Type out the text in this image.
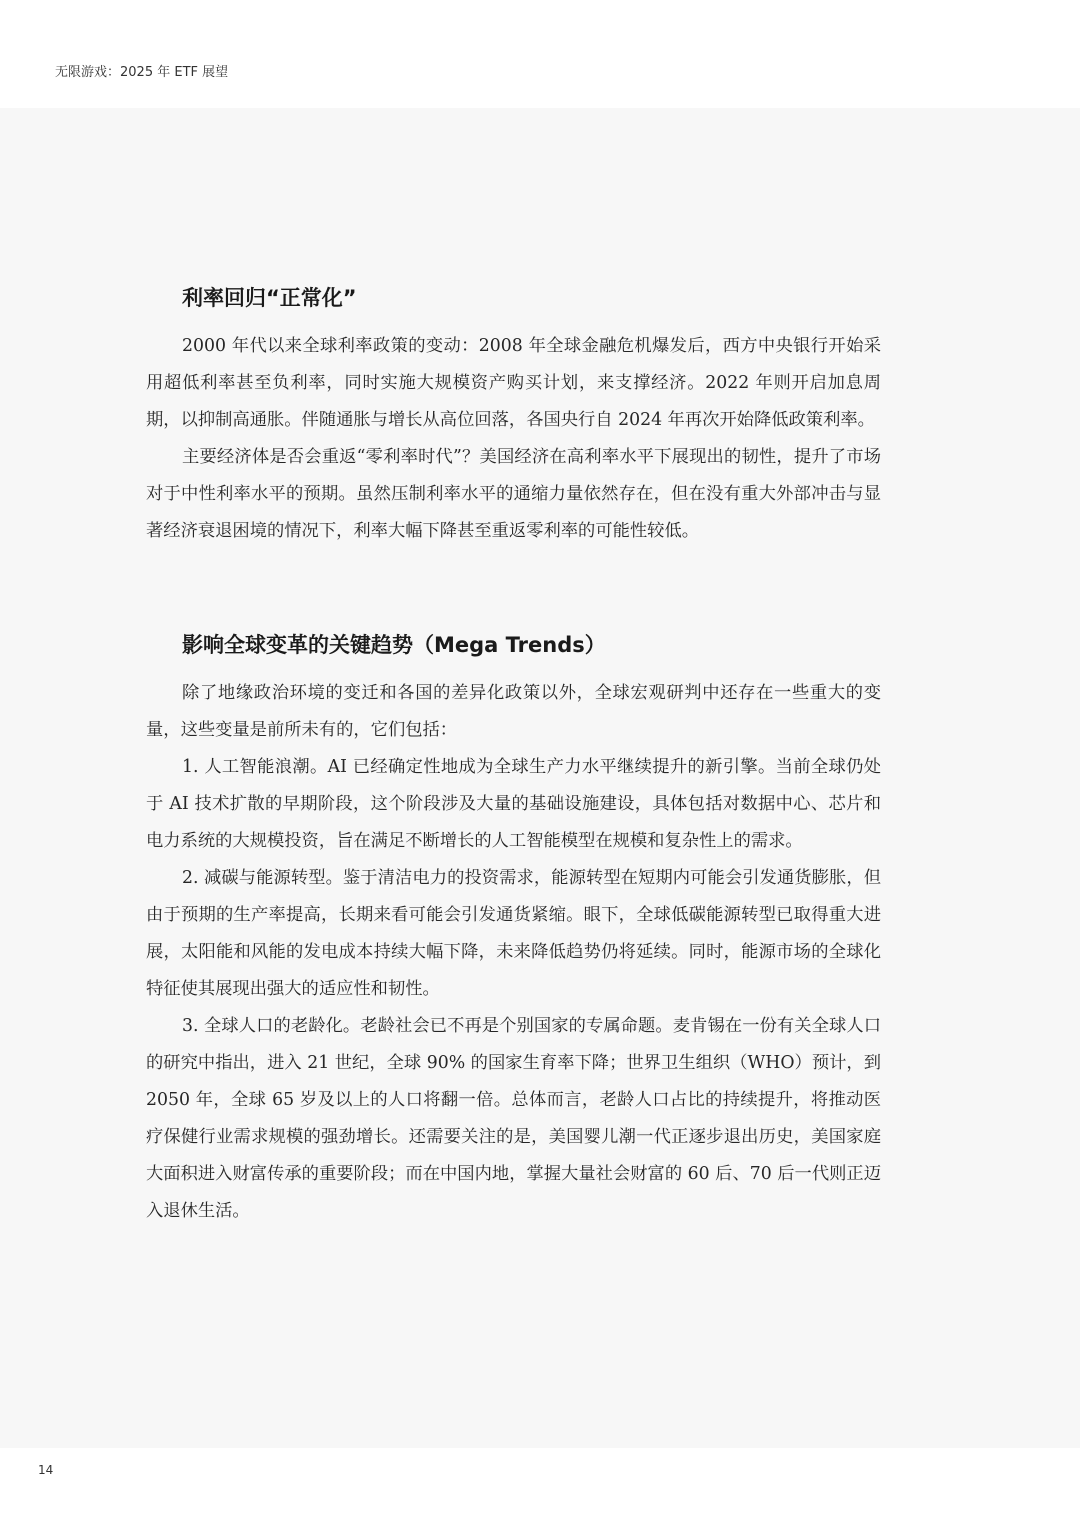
无限游戏：2025 年 ETF 展望
利率回归“正常化”

2000 年代以来全球利率政策的变动：2008 年全球金融危机爆发后，西方中央银行开始采用超低利率甚至负利率，同时实施大规模资产购买计划，来支撑经济。2022 年则开启加息周期，以抑制高通胀。伴随通胀与增长从高位回落，各国央行自 2024 年再次开始降低政策利率。

主要经济体是否会重返“零利率时代”？美国经济在高利率水平下展现出的韧性，提升了市场对于中性利率水平的预期。虽然压制利率水平的通缩力量依然存在，但在没有重大外部冲击与显著经济衰退困境的情况下，利率大幅下降甚至重返零利率的可能性较低。

影响全球变革的关键趋势（Mega Trends）

除了地缘政治环境的变迁和各国的差异化政策以外，全球宏观研判中还存在一些重大的变量，这些变量是前所未有的，它们包括：

1. 人工智能浪潮。AI 已经确定性地成为全球生产力水平继续提升的新引擎。当前全球仍处于 AI 技术扩散的早期阶段，这个阶段涉及大量的基础设施建设，具体包括对数据中心、芯片和电力系统的大规模投资，旨在满足不断增长的人工智能模型在规模和复杂性上的需求。

2. 减碳与能源转型。鉴于清洁电力的投资需求，能源转型在短期内可能会引发通货膨胀，但由于预期的生产率提高，长期来看可能会引发通货紧缩。眼下，全球低碳能源转型已取得重大进展，太阳能和风能的发电成本持续大幅下降，未来降低趋势仍将延续。同时，能源市场的全球化特征使其展现出强大的适应性和韧性。

3. 全球人口的老龄化。老龄社会已不再是个别国家的专属命题。麦肯锡在一份有关全球人口的研究中指出，进入 21 世纪，全球 90% 的国家生育率下降；世界卫生组织（WHO）预计，到 2050 年，全球 65 岁及以上的人口将翻一倍。总体而言，老龄人口占比的持续提升，将推动医疗保健行业需求规模的强劲增长。还需要关注的是，美国婴儿潮一代正逐步退出历史，美国家庭大面积进入财富传承的重要阶段；而在中国内地，掌握大量社会财富的 60 后、70 后一代则正迈入退休生活。

14
